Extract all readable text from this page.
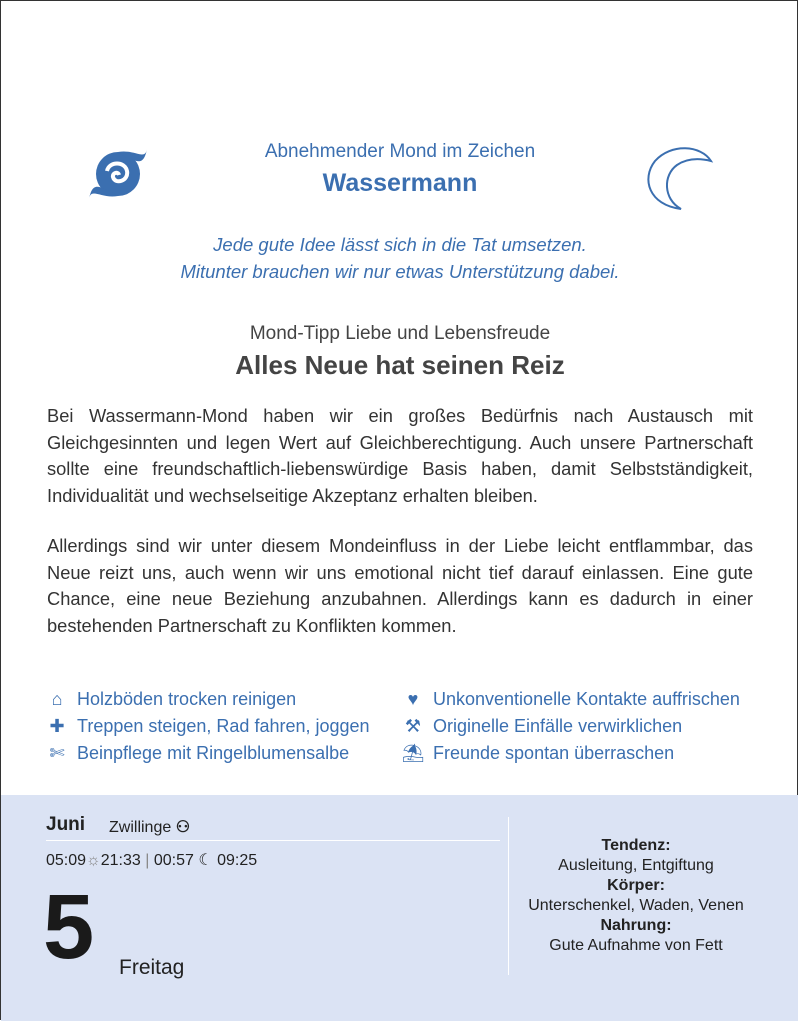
Abnehmender Mond im Zeichen
Wassermann
Jede gute Idee lässt sich in die Tat umsetzen.
Mitunter brauchen wir nur etwas Unterstützung dabei.
Mond-Tipp Liebe und Lebensfreude
Alles Neue hat seinen Reiz

Bei Wassermann-Mond haben wir ein großes Bedürfnis nach Austausch mit Gleichgesinnten und legen Wert auf Gleichberechtigung. Auch unsere Partnerschaft sollte eine freundschaftlich-liebenswürdige Basis haben, damit Selbstständigkeit, Individualität und wechselseitige Akzeptanz erhalten bleiben.

Allerdings sind wir unter diesem Mondeinfluss in der Liebe leicht entflammbar, das Neue reizt uns, auch wenn wir uns emotional nicht tief darauf einlassen. Eine gute Chance, eine neue Beziehung anzubahnen. Allerdings kann es dadurch in einer bestehenden Partnerschaft zu Konflikten kommen.

⌂ Holzböden trocken reinigen
✚ Treppen steigen, Rad fahren, joggen
✄ Beinpflege mit Ringelblumensalbe
♥ Unkonventionelle Kontakte auffrischen
⚒ Originelle Einfälle verwirklichen
⛱ Freunde spontan überraschen
Juni Zwillinge ⚇
05:09☼21:33 | 00:57 ☾ 09:25
5 Freitag
Tendenz:
Ausleitung, Entgiftung
Körper:
Unterschenkel, Waden, Venen
Nahrung:
Gute Aufnahme von Fett
